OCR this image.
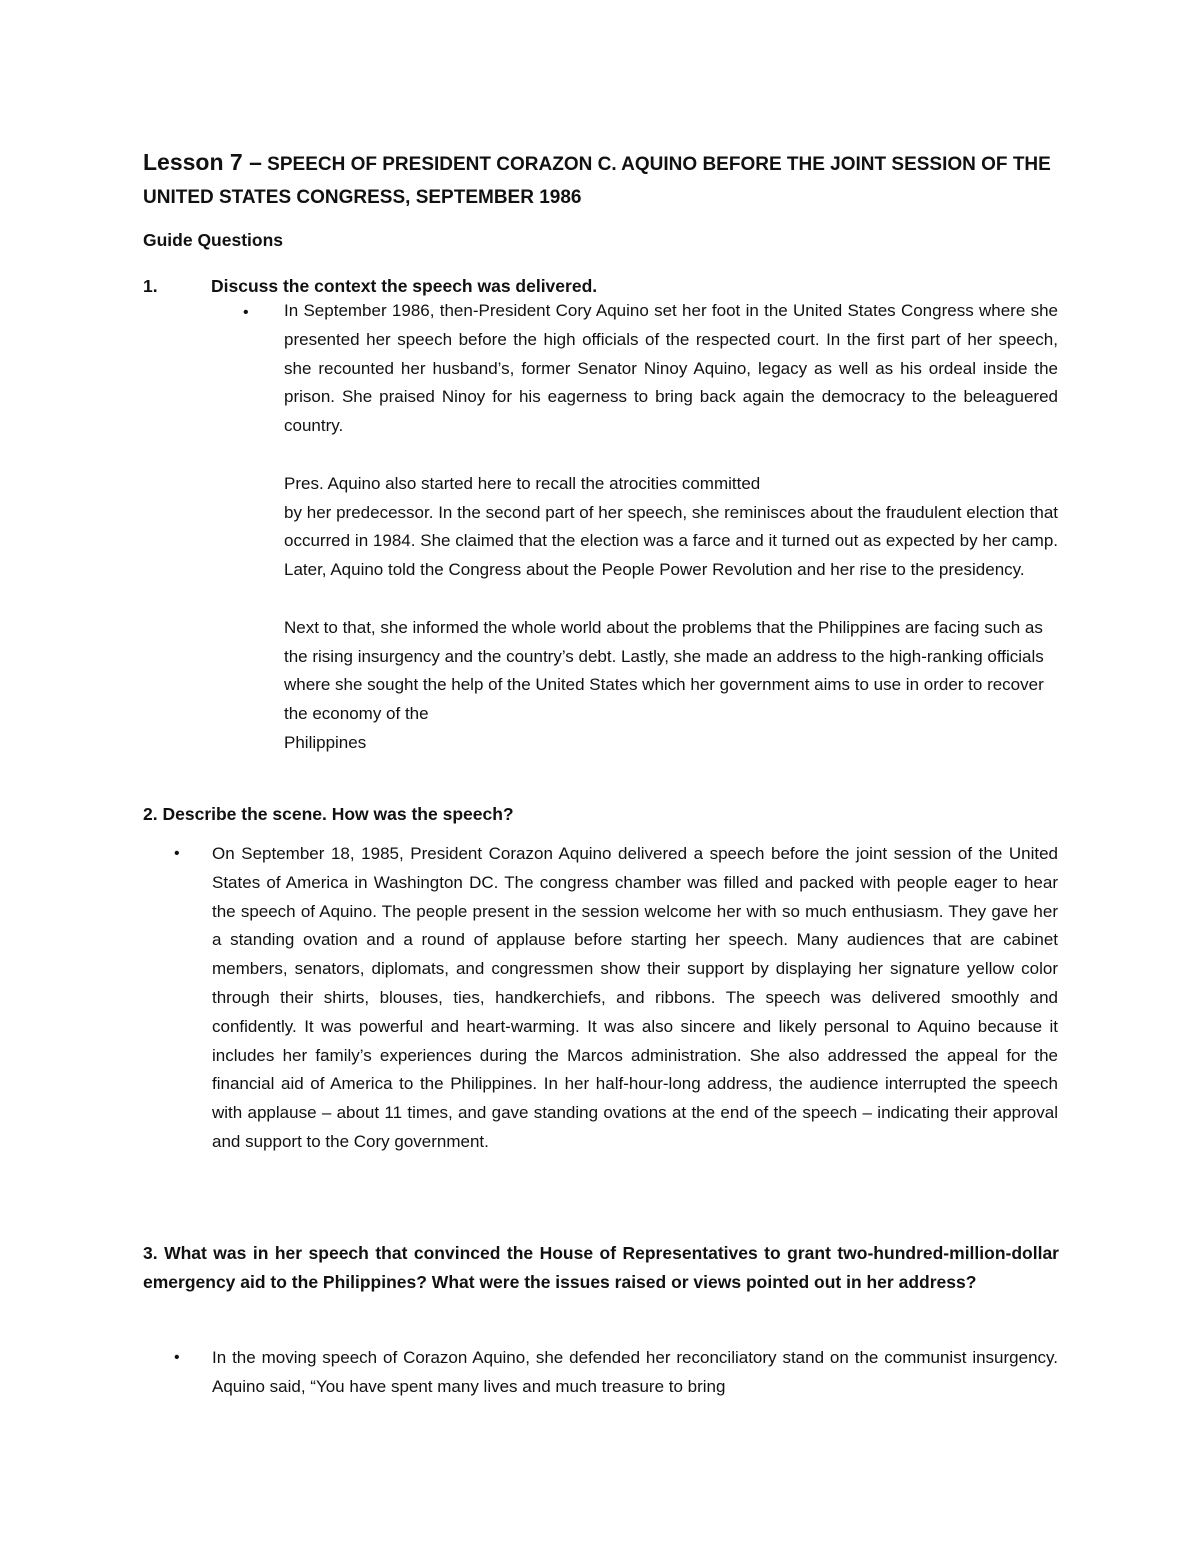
Lesson 7 – SPEECH OF PRESIDENT CORAZON C. AQUINO BEFORE THE JOINT SESSION OF THE UNITED STATES CONGRESS, SEPTEMBER 1986
Guide Questions

1.	Discuss the context the speech was delivered.

• In September 1986, then-President Cory Aquino set her foot in the United States Congress where she presented her speech before the high officials of the respected court. In the first part of her speech, she recounted her husband’s, former Senator Ninoy Aquino, legacy as well as his ordeal inside the prison. She praised Ninoy for his eagerness to bring back again the democracy to the beleaguered country.

Pres. Aquino also started here to recall the atrocities committed

by her predecessor. In the second part of her speech, she reminisces about the fraudulent election that occurred in 1984. She claimed that the election was a farce and it turned out as expected by her camp. Later, Aquino told the Congress about the People Power Revolution and her rise to the presidency.

Next to that, she informed the whole world about the problems that the Philippines are facing such as the rising insurgency and the country’s debt. Lastly, she made an address to the high-ranking officials where she sought the help of the United States which her government aims to use in order to recover the economy of the

Philippines

2. Describe the scene. How was the speech?

• On September 18, 1985, President Corazon Aquino delivered a speech before the joint session of the United States of America in Washington DC. The congress chamber was filled and packed with people eager to hear the speech of Aquino. The people present in the session welcome her with so much enthusiasm. They gave her a standing ovation and a round of applause before starting her speech. Many audiences that are cabinet members, senators, diplomats, and congressmen show their support by displaying her signature yellow color through their shirts, blouses, ties, handkerchiefs, and ribbons. The speech was delivered smoothly and confidently. It was powerful and heart-warming. It was also sincere and likely personal to Aquino because it includes her family’s experiences during the Marcos administration. She also addressed the appeal for the financial aid of America to the Philippines. In her half-hour-long address, the audience interrupted the speech with applause – about 11 times, and gave standing ovations at the end of the speech – indicating their approval and support to the Cory government.

3. What was in her speech that convinced the House of Representatives to grant two-hundred-million-dollar emergency aid to the Philippines? What were the issues raised or views pointed out in her address?

• In the moving speech of Corazon Aquino, she defended her reconciliatory stand on the communist insurgency. Aquino said, “You have spent many lives and much treasure to bring
